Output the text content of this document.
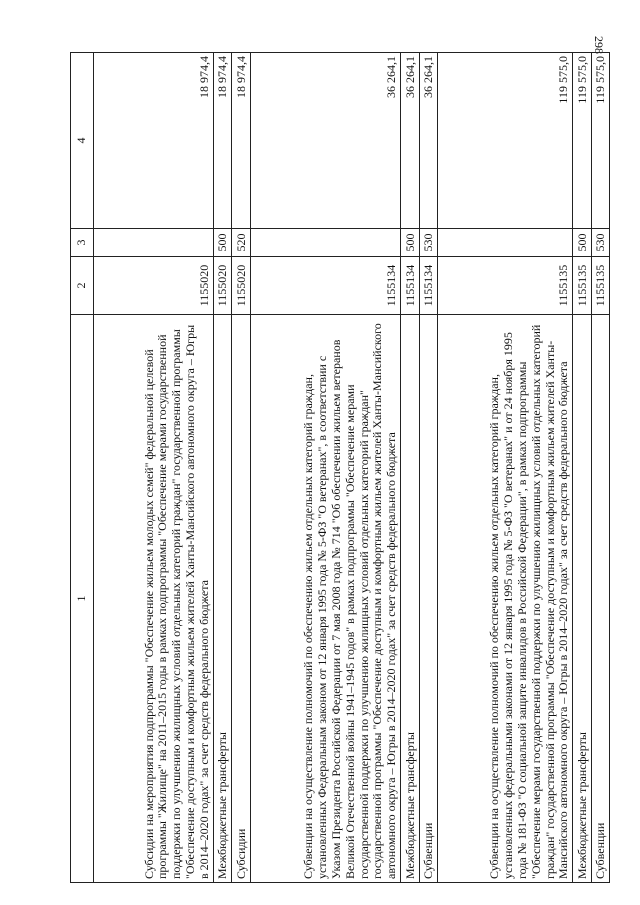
298
1	2	3	4
Субсидии на мероприятия подпрограммы "Обеспечение жильем молодых семей" федеральной целевой программы "Жилище" на 2011–2015 годы в рамках подпрограммы "Обеспечение мерами государственной поддержки по улучшению жилищных условий отдельных категорий граждан" государственной программы "Обеспечение доступным и комфортным жильем жителей Ханты-Мансийского автономного округа – Югры в 2014–2020 годах" за счет средств федерального бюджета	1155020		18 974,4
Межбюджетные трансферты	1155020	500	18 974,4
Субсидии	1155020	520	18 974,4
Субвенции на осуществление полномочий по обеспечению жильем отдельных категорий граждан, установленных Федеральным законом от 12 января 1995 года № 5-ФЗ "О ветеранах", в соответствии с Указом Президента Российской Федерации от 7 мая 2008 года № 714 "Об обеспечении жильем ветеранов Великой Отечественной войны 1941–1945 годов" в рамках подпрограммы "Обеспечение мерами государственной поддержки по улучшению жилищных условий отдельных категорий граждан" государственной программы "Обеспечение доступным и комфортным жильем жителей Ханты-Мансийского автономного округа – Югры в 2014–2020 годах" за счет средств федерального бюджета	1155134		36 264,1
Межбюджетные трансферты	1155134	500	36 264,1
Субвенции	1155134	530	36 264,1
Субвенции на осуществление полномочий по обеспечению жильем отдельных категорий граждан, установленных федеральными законами от 12 января 1995 года № 5-ФЗ "О ветеранах" и от 24 ноября 1995 года № 181-ФЗ "О социальной защите инвалидов в Российской Федерации", в рамках подпрограммы "Обеспечение мерами государственной поддержки по улучшению жилищных условий отдельных категорий граждан" государственной программы "Обеспечение доступным и комфортным жильем жителей Ханты-Мансийского автономного округа – Югры в 2014–2020 годах" за счет средств федерального бюджета	1155135		119 575,0
Межбюджетные трансферты	1155135	500	119 575,0
Субвенции	1155135	530	119 575,0
